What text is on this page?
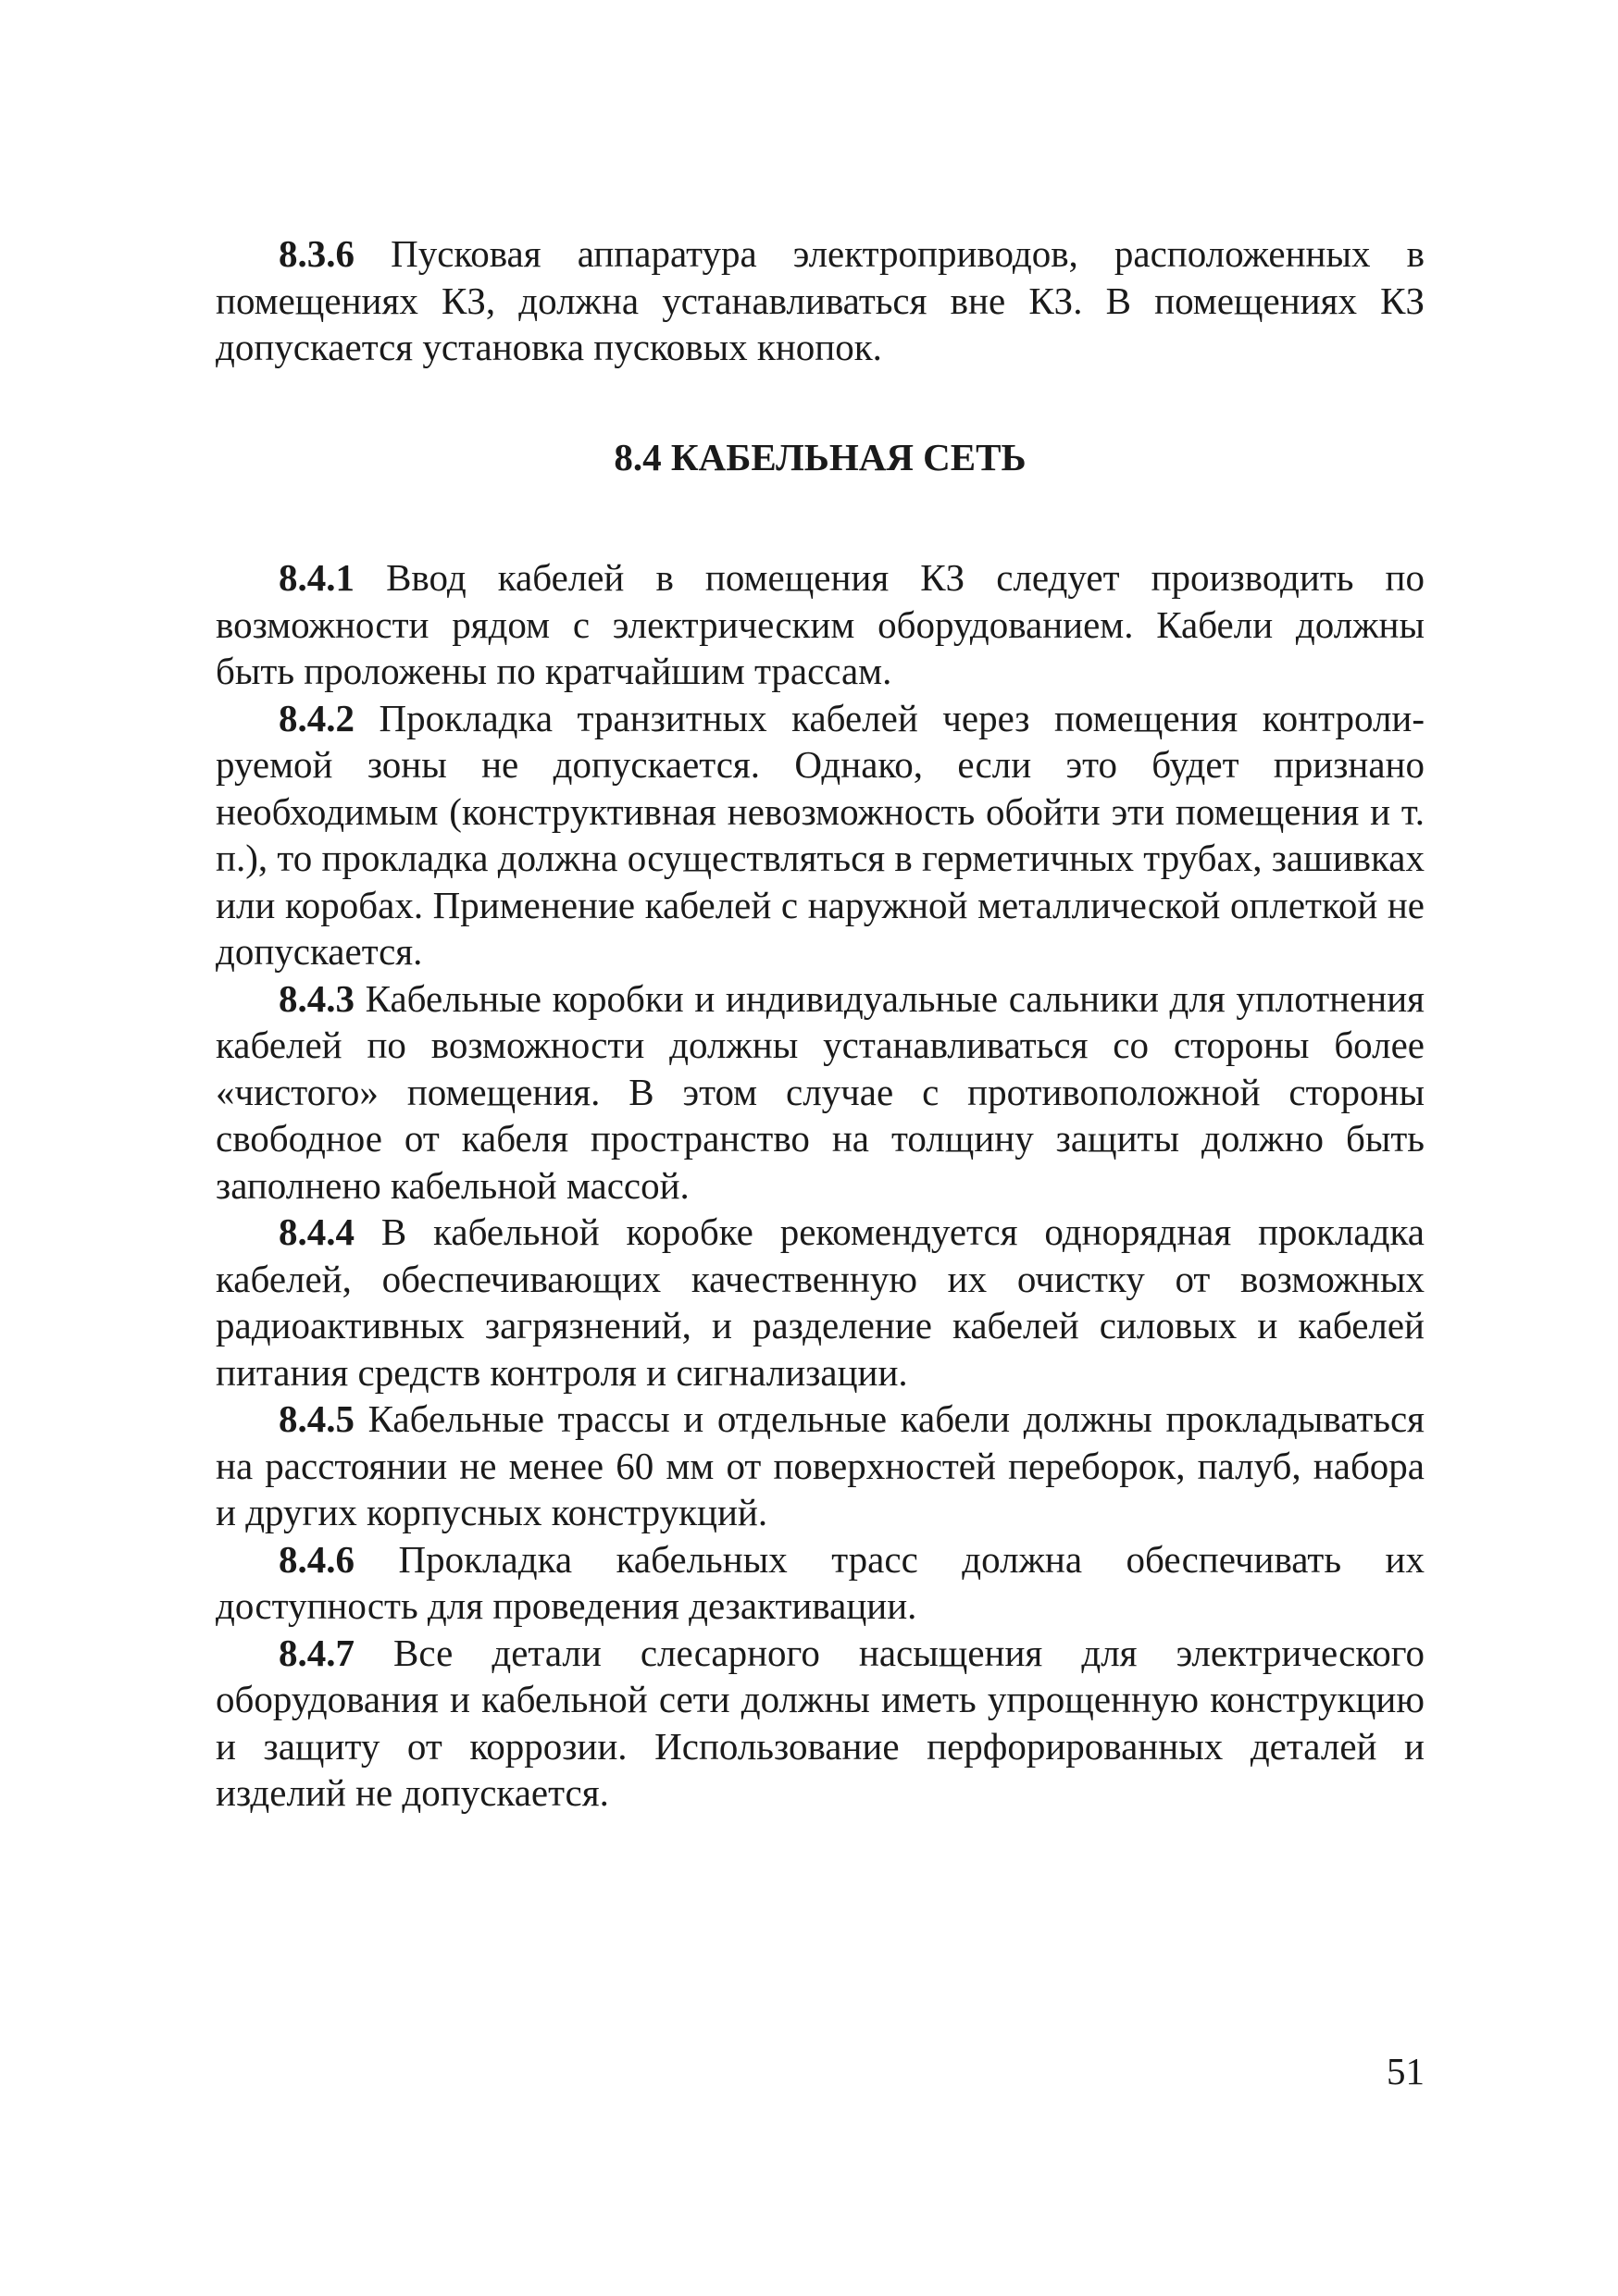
8.3.6 Пусковая аппаратура электроприводов, расположенных в помещениях КЗ, должна устанавливаться вне КЗ. В помещениях КЗ допускается установка пусковых кнопок.

8.4 КАБЕЛЬНАЯ СЕТЬ

8.4.1 Ввод кабелей в помещения КЗ следует производить по возможности рядом с электрическим оборудованием. Кабели должны быть проложены по кратчайшим трассам.

8.4.2 Прокладка транзитных кабелей через помещения контролируемой зоны не допускается. Однако, если это будет признано необходимым (конструктивная невозможность обойти эти помещения и т. п.), то прокладка должна осуществляться в герметичных трубах, зашивках или коробах. Применение кабелей с наружной металлической оплеткой не допускается.

8.4.3 Кабельные коробки и индивидуальные сальники для уплотнения кабелей по возможности должны устанавливаться со стороны более «чистого» помещения. В этом случае с противоположной стороны свободное от кабеля пространство на толщину защиты должно быть заполнено кабельной массой.

8.4.4 В кабельной коробке рекомендуется однорядная прокладка кабелей, обеспечивающих качественную их очистку от возможных радиоактивных загрязнений, и разделение кабелей силовых и кабелей питания средств контроля и сигнализации.

8.4.5 Кабельные трассы и отдельные кабели должны прокладываться на расстоянии не менее 60 мм от поверхностей переборок, палуб, набора и других корпусных конструкций.

8.4.6 Прокладка кабельных трасс должна обеспечивать их доступность для проведения дезактивации.

8.4.7 Все детали слесарного насыщения для электрического оборудования и кабельной сети должны иметь упрощенную конструкцию и защиту от коррозии. Использование перфорированных деталей и изделий не допускается.

51
